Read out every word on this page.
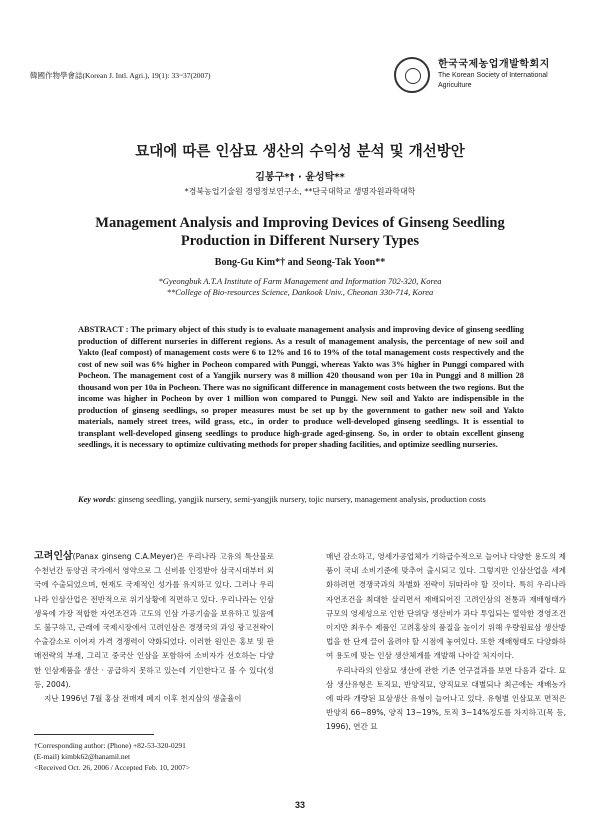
韓國作物學會誌(Korean J. Intl. Agri.), 19(1): 33~37(2007)
한국국제농업개발학회지
The Korean Society of International Agriculture
묘대에 따른 인삼묘 생산의 수익성 분석 및 개선방안
김봉구*† · 윤성탁**
*경북농업기술원 경영정보연구소, **단국대학교 생명자원과학대학
Management Analysis and Improving Devices of Ginseng Seedling
Production in Different Nursery Types
Bong-Gu Kim*† and Seong-Tak Yoon**
*Gyeongbuk A.T.A Institute of Farm Management and Information 702-320, Korea
**College of Bio-resources Science, Dankook Univ., Cheonan 330-714, Korea
ABSTRACT : The primary object of this study is to evaluate management analysis and improving device of ginseng seedling production of different nurseries in different regions. As a result of management analysis, the percentage of new soil and Yakto (leaf compost) of management costs were 6 to 12% and 16 to 19% of the total management costs respectively and the cost of new soil was 6% higher in Pocheon compared with Punggi, whereas Yakto was 3% higher in Punggi compared with Pocheon. The management cost of a Yangjik nursery was 8 million 420 thousand won per 10a in Punggi and 8 million 28 thousand won per 10a in Pocheon. There was no significant difference in management costs between the two regions. But the income was higher in Pocheon by over 1 million won compared to Punggi. New soil and Yakto are indispensible in the production of ginseng seedlings, so proper measures must be set up by the government to gather new soil and Yakto materials, namely street trees, wild grass, etc., in order to produce well-developed ginseng seedlings. It is essential to transplant well-developed ginseng seedlings to produce high-grade aged-ginseng. So, in order to obtain excellent ginseng seedlings, it is necessary to optimize cultivating methods for proper shading facilities, and optimize seedling nurseries.
Key words: ginseng seedling, yangjik nursery, semi-yangjik nursery, tojic nursery, management analysis, production costs

고려인삼(Panax ginseng C.A.Meyer)은 우리나라 고유의 특산물로 수천년간 동양권 국가에서 영약으로 그 신비를 인정받아 삼국시대부터 외국에 수출되었으며, 현재도 국제적인 성가를 유지하고 있다. 그러나 우리나라 인삼산업은 전반적으로 위기상황에 직면하고 있다. 우리나라는 인삼생육에 가장 적합한 자연조건과 고도의 인삼 가공기술을 보유하고 있음에도 불구하고, 근래에 국제시장에서 고려인삼은 경쟁국의 과잉 광고전략이 수출감소로 이어져 가격 경쟁력이 약화되었다. 이러한 원인은 홍보 및 판매전략의 부재, 그리고 중국산 인삼을 포함하여 소비자가 선호하는 다양한 인삼제품을 생산 · 공급하지 못하고 있는데 기인한다고 볼 수 있다(성 등, 2004).

지난 1996년 7월 홍삼 전매제 폐지 이후 천지삼의 생출율이

매년 감소하고, 영세가공업체가 기하급수적으로 늘어나 다양한 용도의 제품이 국내 소비기준에 맞추어 출시되고 있다. 그렇지만 인삼산업을 세계화하려면 경쟁국과의 차별화 전략이 뒤따라야 할 것이다. 특히 우리나라 자연조건을 최대한 살리면서 재배되어진 고려인삼의 전통과 재배형태가 규모의 영세성으로 인한 단위당 생산비가 과다 투입되는 열악한 경영조건이지만 최우수 제품인 고려홍삼의 품질을 높이기 위해 우량원료삼 생산방법을 한 단계 끌어 올려야 할 시점에 놓여있다. 또한 재배형태도 다양화하여 용도에 맞는 인삼 생산체계를 개발해 나아갈 처지이다.

우리나라의 인삼묘 생산에 관한 기존 연구결과를 보면 다음과 같다. 묘삼 생산유형은 토직묘, 반양직묘, 양직묘로 대별되나 최근에는 재배농가에 따라 개량된 묘삼생산 유형이 늘어나고 있다. 유형별 인삼묘포 면적은 반양직 66~89%, 양직 13~19%, 토직 3~14%정도를 차지하고(목 등, 1996), 연간 묘

†Corresponding author: (Phone) +82-53-320-0291
(E-mail) kimbk62@hanamil.net
<Received Oct. 26, 2006 / Accepted Feb. 10, 2007>
33
